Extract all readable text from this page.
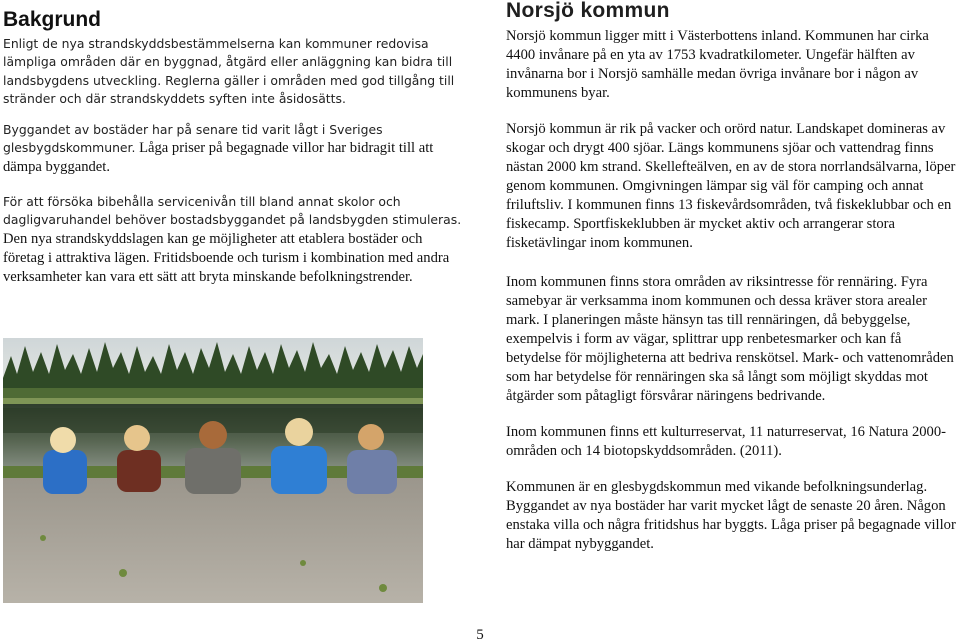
Bakgrund

Enligt de nya strandskyddsbestämmelserna kan kommuner redovisa lämpliga områden där en byggnad, åtgärd eller anläggning kan bidra till landsbygdens utveckling. Reglerna gäller i områden med god tillgång till stränder och där strandskyddets syften inte åsidosätts.

Byggandet av bostäder har på senare tid varit lågt i Sveriges glesbygdskommuner. Låga priser på begagnade villor har bidragit till att dämpa byggandet.

För att försöka bibehålla servicenivån till bland annat skolor och dagligvaruhandel behöver bostadsbyggandet på landsbygden stimuleras. Den nya strandskyddslagen kan ge möjligheter att etablera bostäder och företag i attraktiva lägen. Fritidsboende och turism i kombination med andra verksamheter kan vara ett sätt att bryta minskande befolkningstrender.

Norsjö kommun

Norsjö kommun ligger mitt i Västerbottens inland. Kommunen har cirka 4400 invånare på en yta av 1753 kvadratkilometer. Ungefär hälften av invånarna bor i Norsjö samhälle medan övriga invånare bor i någon av kommunens byar.

Norsjö kommun är rik på vacker och orörd natur. Landskapet domineras av skogar och drygt 400 sjöar. Längs kommunens sjöar och vattendrag finns nästan 2000 km strand. Skellefteälven, en av de stora norrlandsälvarna, löper genom kommunen. Omgivningen lämpar sig väl för camping och annat friluftsliv. I kommunen finns 13 fiskevårdsområden, två fiskeklubbar och en fiskecamp. Sportfiskeklubben är mycket aktiv och arrangerar stora fisketävlingar inom kommunen.

Inom kommunen finns stora områden av riksintresse för rennäring. Fyra samebyar är verksamma inom kommunen och dessa kräver stora arealer mark. I planeringen måste hänsyn tas till rennäringen, då bebyggelse, exempelvis i form av vägar, splittrar upp renbetesmarker och kan få betydelse för möjligheterna att bedriva renskötsel. Mark- och vattenområden som har betydelse för rennäringen ska så långt som möjligt skyddas mot åtgärder som påtagligt försvårar näringens bedrivande.

Inom kommunen finns ett kulturreservat, 11 naturreservat, 16 Natura 2000-områden och 14 biotopskyddsområden. (2011).

Kommunen är en glesbygdskommun med vikande befolkningsunderlag. Byggandet av nya bostäder har varit mycket lågt de senaste 20 åren. Någon enstaka villa och några fritidshus har byggts. Låga priser på begagnade villor har dämpat nybyggandet.

5
